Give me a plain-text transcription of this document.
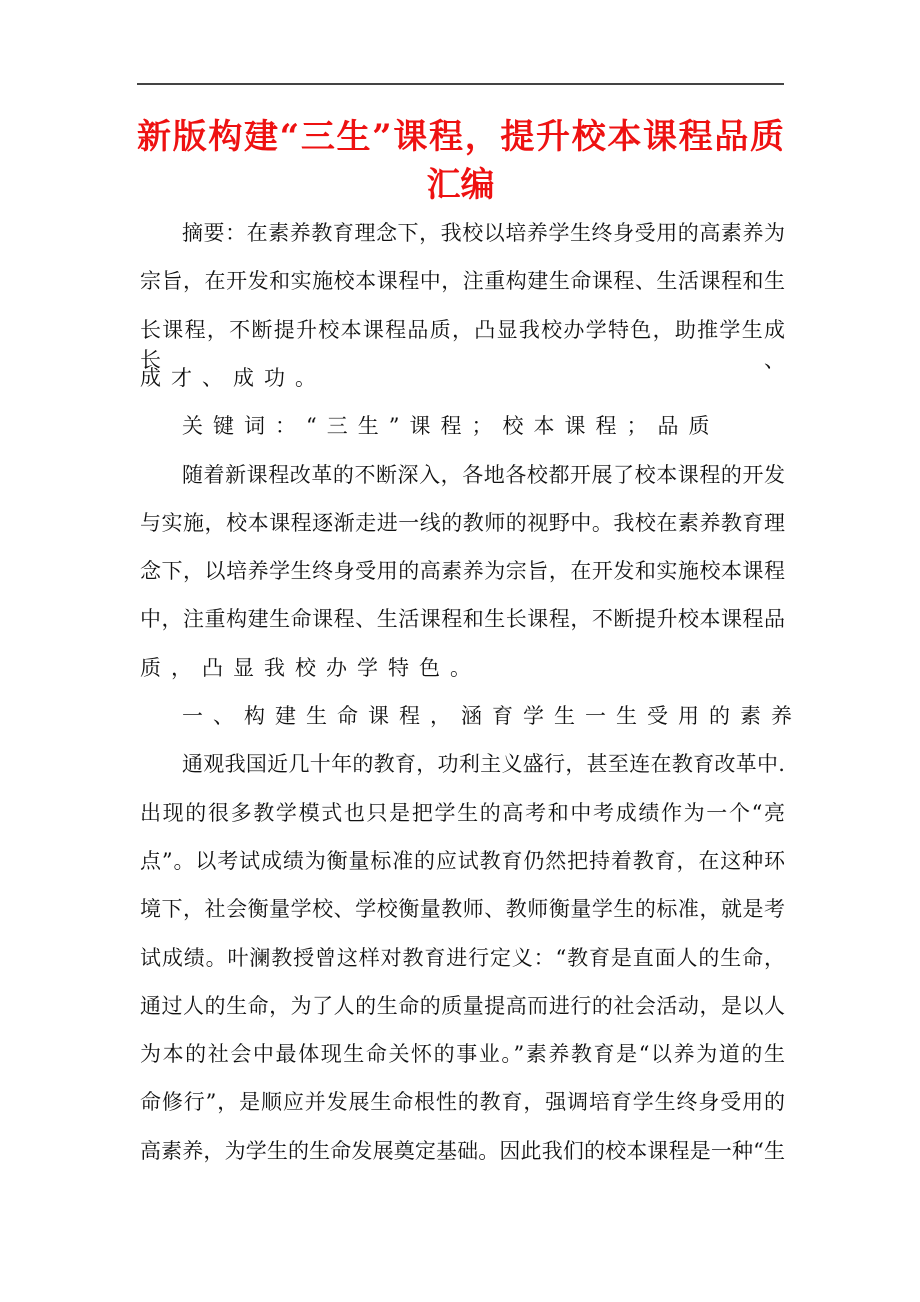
新版构建“三生”课程，提升校本课程品质
汇编
摘要：在素养教育理念下，我校以培养学生终身受用的高素养为
宗旨，在开发和实施校本课程中，注重构建生命课程、生活课程和生
长课程，不断提升校本课程品质，凸显我校办学特色，助推学生成长、
成才、成功。
关键词：“三生”课程；校本课程；品质
随着新课程改革的不断深入，各地各校都开展了校本课程的开发
与实施，校本课程逐渐走进一线的教师的视野中。我校在素养教育理
念下，以培养学生终身受用的高素养为宗旨，在开发和实施校本课程
中，注重构建生命课程、生活课程和生长课程，不断提升校本课程品
质，凸显我校办学特色。
一、构建生命课程，涵育学生一生受用的素养
通观我国近几十年的教育，功利主义盛行，甚至连在教育改革中.
出现的很多教学模式也只是把学生的高考和中考成绩作为一个“亮
点”。以考试成绩为衡量标准的应试教育仍然把持着教育，在这种环
境下，社会衡量学校、学校衡量教师、教师衡量学生的标准，就是考
试成绩。叶澜教授曾这样对教育进行定义：“教育是直面人的生命，
通过人的生命，为了人的生命的质量提高而进行的社会活动，是以人
为本的社会中最体现生命关怀的事业。”素养教育是“以养为道的生
命修行”，是顺应并发展生命根性的教育，强调培育学生终身受用的
高素养，为学生的生命发展奠定基础。因此我们的校本课程是一种“生
